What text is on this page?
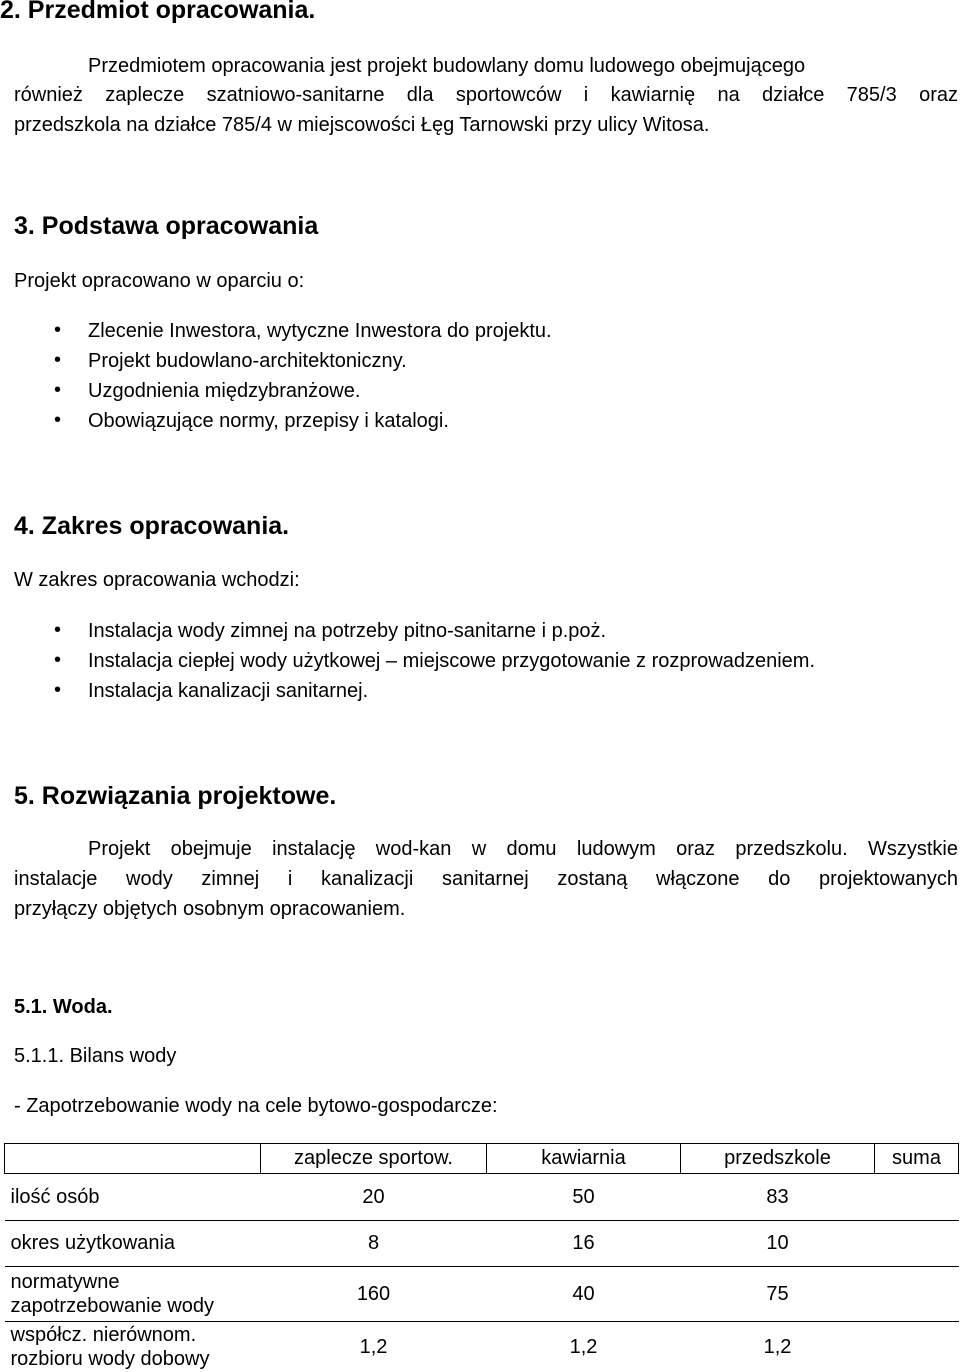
2. Przedmiot opracowania.
Przedmiotem opracowania jest projekt budowlany domu ludowego obejmującego
również zaplecze szatniowo-sanitarne dla sportowców i kawiarnię na działce 785/3 oraz
przedszkola na działce 785/4 w miejscowości Łęg Tarnowski przy ulicy Witosa.
3. Podstawa opracowania
Projekt opracowano w oparciu o:
• Zlecenie Inwestora, wytyczne Inwestora do projektu.
• Projekt budowlano-architektoniczny.
• Uzgodnienia międzybranżowe.
• Obowiązujące normy, przepisy i katalogi.
4. Zakres opracowania.
W zakres opracowania wchodzi:
• Instalacja wody zimnej na potrzeby pitno-sanitarne i p.poż.
• Instalacja ciepłej wody użytkowej – miejscowe przygotowanie z rozprowadzeniem.
• Instalacja kanalizacji sanitarnej.
5. Rozwiązania projektowe.
Projekt obejmuje instalację wod-kan w domu ludowym oraz przedszkolu. Wszystkie
instalacje wody zimnej i kanalizacji sanitarnej zostaną włączone do projektowanych
przyłączy objętych osobnym opracowaniem.
5.1. Woda.
5.1.1. Bilans wody
- Zapotrzebowanie wody na cele bytowo-gospodarcze:
	zaplecze sportow.	kawiarnia	przedszkole	suma
ilość osób	20	50	83	
okres użytkowania	8	16	10	
normatywne
zapotrzebowanie wody	160	40	75	
współcz. nierównom.
rozbioru wody dobowy	1,2	1,2	1,2	
